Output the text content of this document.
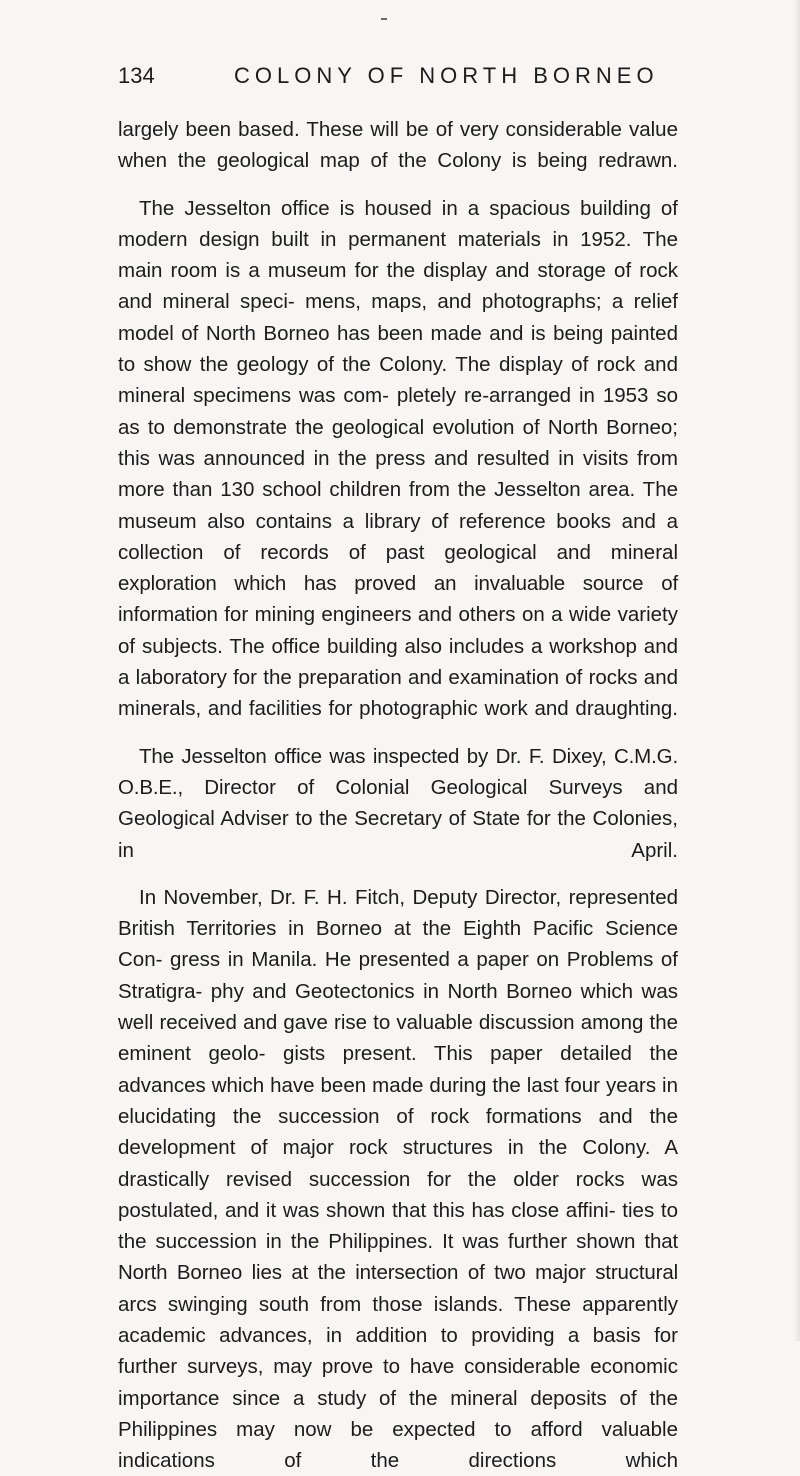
134	COLONY OF NORTH BORNEO

largely been based. These will be of very considerable value when the geological map of the Colony is being redrawn.

The Jesselton office is housed in a spacious building of modern design built in permanent materials in 1952. The main room is a museum for the display and storage of rock and mineral speci- mens, maps, and photographs; a relief model of North Borneo has been made and is being painted to show the geology of the Colony. The display of rock and mineral specimens was com- pletely re-arranged in 1953 so as to demonstrate the geological evolution of North Borneo; this was announced in the press and resulted in visits from more than 130 school children from the Jesselton area. The museum also contains a library of reference books and a collection of records of past geological and mineral exploration which has proved an invaluable source of information for mining engineers and others on a wide variety of subjects. The office building also includes a workshop and a laboratory for the preparation and examination of rocks and minerals, and facilities for photographic work and draughting.

The Jesselton office was inspected by Dr. F. Dixey, C.M.G. O.B.E., Director of Colonial Geological Surveys and Geological Adviser to the Secretary of State for the Colonies, in April.

In November, Dr. F. H. Fitch, Deputy Director, represented British Territories in Borneo at the Eighth Pacific Science Con- gress in Manila. He presented a paper on Problems of Stratigra- phy and Geotectonics in North Borneo which was well received and gave rise to valuable discussion among the eminent geolo- gists present. This paper detailed the advances which have been made during the last four years in elucidating the succession of rock formations and the development of major rock structures in the Colony. A drastically revised succession for the older rocks was postulated, and it was shown that this has close affini- ties to the succession in the Philippines. It was further shown that North Borneo lies at the intersection of two major structural arcs swinging south from those islands. These apparently academic advances, in addition to providing a basis for further surveys, may prove to have considerable economic importance since a study of the mineral deposits of the Philippines may now be expected to afford valuable indications of the directions which
